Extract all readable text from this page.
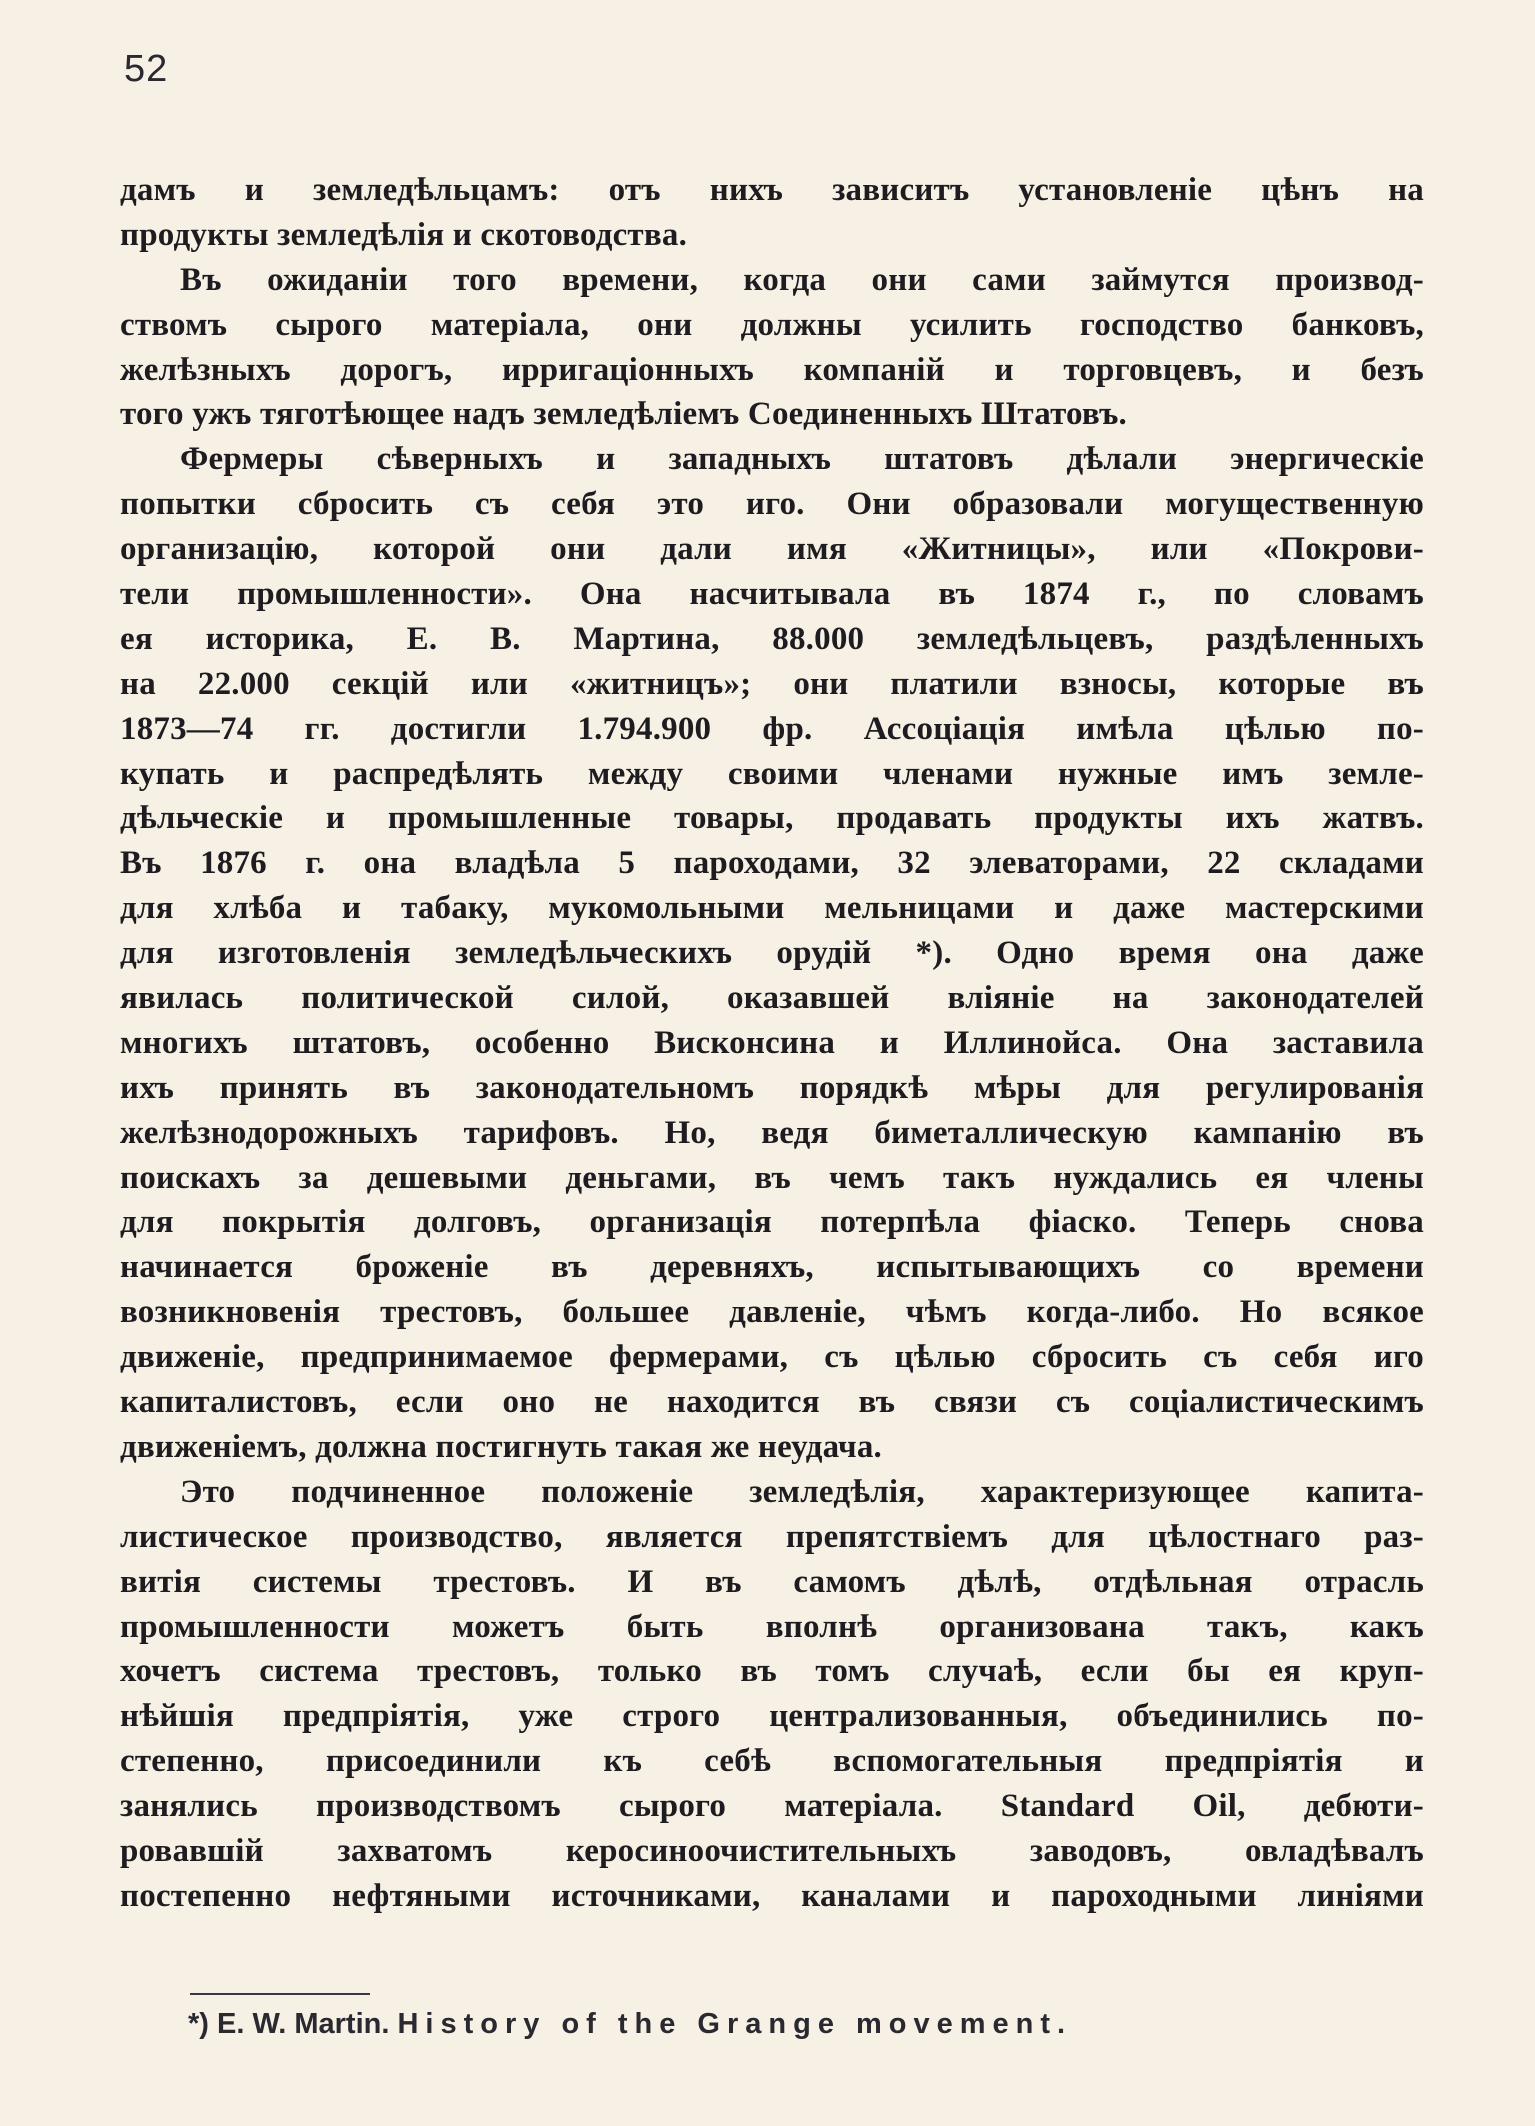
52
дамъ и земледѣльцамъ: отъ нихъ зависитъ установленіе цѣнъ на
продукты земледѣлія и скотоводства.
Въ ожиданіи того времени, когда они сами займутся производ-
ствомъ сырого матеріала, они должны усилить господство банковъ,
желѣзныхъ дорогъ, ирригаціонныхъ компаній и торговцевъ, и безъ
того ужъ тяготѣющее надъ земледѣліемъ Соединенныхъ Штатовъ.
Фермеры сѣверныхъ и западныхъ штатовъ дѣлали энергическіе
попытки сбросить съ себя это иго. Они образовали могущественную
организацію, которой они дали имя «Житницы», или «Покрови-
тели промышленности». Она насчитывала въ 1874 г., по словамъ
ея историка, Е. В. Мартина, 88.000 земледѣльцевъ, раздѣленныхъ
на 22.000 секцій или «житницъ»; они платили взносы, которые въ
1873—74 гг. достигли 1.794.900 фр. Ассоціація имѣла цѣлью по-
купать и распредѣлять между своими членами нужные имъ земле-
дѣльческіе и промышленные товары, продавать продукты ихъ жатвъ.
Въ 1876 г. она владѣла 5 пароходами, 32 элеваторами, 22 складами
для хлѣба и табаку, мукомольными мельницами и даже мастерскими
для изготовленія земледѣльческихъ орудій *). Одно время она даже
явилась политической силой, оказавшей вліяніе на законодателей
многихъ штатовъ, особенно Висконсина и Иллинойса. Она заставила
ихъ принять въ законодательномъ порядкѣ мѣры для регулированія
желѣзнодорожныхъ тарифовъ. Но, ведя биметаллическую кампанію въ
поискахъ за дешевыми деньгами, въ чемъ такъ нуждались ея члены
для покрытія долговъ, организація потерпѣла фіаско. Теперь снова
начинается броженіе въ деревняхъ, испытывающихъ со времени
возникновенія трестовъ, большее давленіе, чѣмъ когда-либо. Но всякое
движеніе, предпринимаемое фермерами, съ цѣлью сбросить съ себя иго
капиталистовъ, если оно не находится въ связи съ соціалистическимъ
движеніемъ, должна постигнуть такая же неудача.
Это подчиненное положеніе земледѣлія, характеризующее капита-
листическое производство, является препятствіемъ для цѣлостнаго раз-
витія системы трестовъ. И въ самомъ дѣлѣ, отдѣльная отрасль
промышленности можетъ быть вполнѣ организована такъ, какъ
хочетъ система трестовъ, только въ томъ случаѣ, если бы ея круп-
нѣйшія предпріятія, уже строго централизованныя, объединились по-
степенно, присоединили къ себѣ вспомогательныя предпріятія и
занялись производствомъ сырого матеріала. Standard Oil, дебюти-
ровавшій захватомъ керосиноочистительныхъ заводовъ, овладѣвалъ
постепенно нефтяными источниками, каналами и пароходными линіями
*) E. W. Martin. History of the Grange movement.
